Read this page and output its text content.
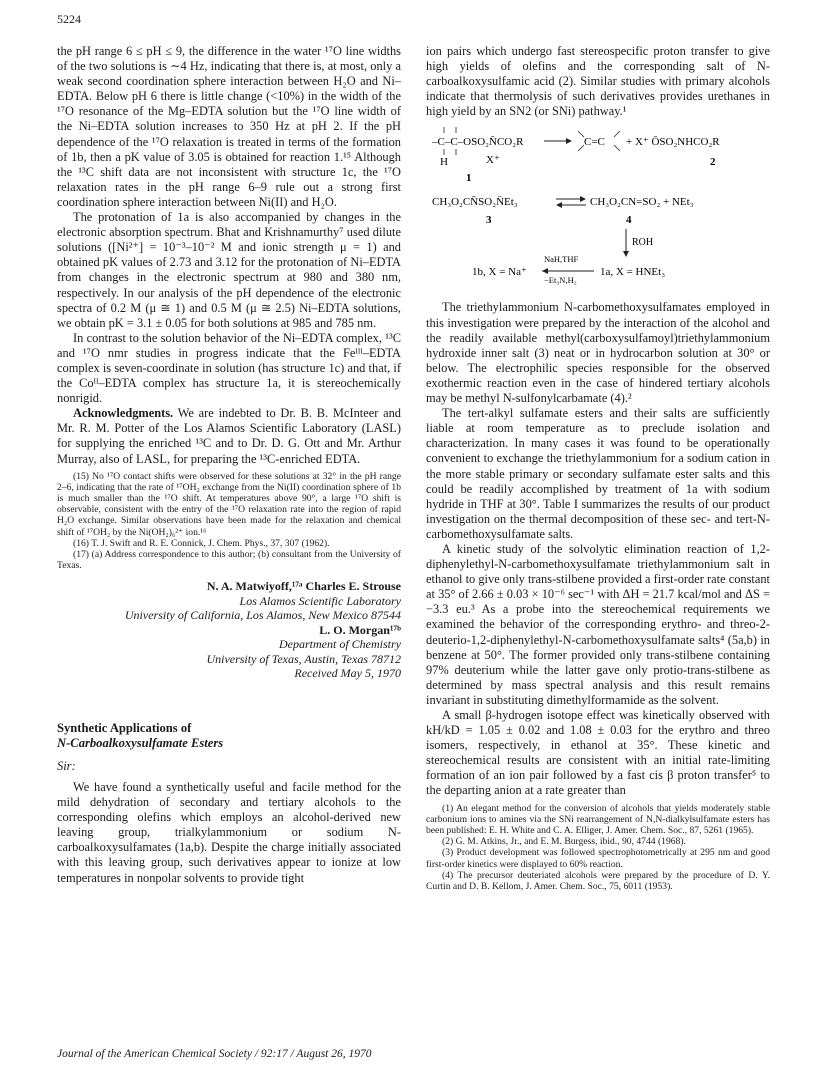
5224

the pH range 6 ≤ pH ≤ 9, the difference in the water ¹⁷O line widths of the two solutions is ∼4 Hz, indicating that there is, at most, only a weak second coordination sphere interaction between H₂O and Ni–EDTA. Below pH 6 there is little change (<10%) in the width of the ¹⁷O resonance of the Mg–EDTA solution but the ¹⁷O line width of the Ni–EDTA solution increases to 350 Hz at pH 2. If the pH dependence of the ¹⁷O relaxation is treated in terms of the formation of 1b, then a pK value of 3.05 is obtained for reaction 1.¹⁵ Although the ¹³C shift data are not inconsistent with structure 1c, the ¹⁷O relaxation rates in the pH range 6–9 rule out a strong first coordination sphere interaction between Ni(II) and H₂O.

The protonation of 1a is also accompanied by changes in the electronic absorption spectrum. Bhat and Krishnamurthy⁷ used dilute solutions ([Ni²⁺] = 10⁻³–10⁻² M and ionic strength μ = 1) and obtained pK values of 2.73 and 3.12 for the protonation of Ni–EDTA from changes in the electronic spectrum at 980 and 380 nm, respectively. In our analysis of the pH dependence of the electronic spectra of 0.2 M (μ ≅ 1) and 0.5 M (μ ≅ 2.5) Ni–EDTA solutions, we obtain pK = 3.1 ± 0.05 for both solutions at 985 and 785 nm.

In contrast to the solution behavior of the Ni–EDTA complex, ¹³C and ¹⁷O nmr studies in progress indicate that the Feᴵᴵᴵ–EDTA complex is seven-coordinate in solution (has structure 1c) and that, if the Coᴵᴵ–EDTA complex has structure 1a, it is stereochemically nonrigid.

Acknowledgments. We are indebted to Dr. B. B. McInteer and Mr. R. M. Potter of the Los Alamos Scientific Laboratory (LASL) for supplying the enriched ¹³C and to Dr. D. G. Ott and Mr. Arthur Murray, also of LASL, for preparing the ¹³C-enriched EDTA.

(15) No ¹⁷O contact shifts were observed for these solutions at 32° in the pH range 2–6, indicating that the rate of ¹⁷OH₂ exchange from the Ni(II) coordination sphere of 1b is much smaller than the ¹⁷O shift. At temperatures above 90°, a large ¹⁷O shift is observable, consistent with the entry of the ¹⁷O relaxation rate into the region of rapid H₂O exchange. Similar observations have been made for the relaxation and chemical shift of ¹⁷OH₂ by the Ni(OH₂)₆²⁺ ion.¹⁶

(16) T. J. Swift and R. E. Connick, J. Chem. Phys., 37, 307 (1962).

(17) (a) Address correspondence to this author; (b) consultant from the University of Texas.

N. A. Matwiyoff,¹⁷ᵃ Charles E. Strouse

Los Alamos Scientific Laboratory

University of California, Los Alamos, New Mexico 87544

L. O. Morgan¹⁷ᵇ

Department of Chemistry

University of Texas, Austin, Texas 78712

Received May 5, 1970

Synthetic Applications of
N-Carboalkoxysulfamate Esters
Sir:

We have found a synthetically useful and facile method for the mild dehydration of secondary and tertiary alcohols to the corresponding olefins which employs an alcohol-derived new leaving group, trialkylammonium or sodium N-carboalkoxysulfamates (1a,b). Despite the charge initially associated with this leaving group, such derivatives appear to ionize at low temperatures in nonpolar solvents to provide tight

ion pairs which undergo fast stereospecific proton transfer to give high yields of olefins and the corresponding salt of N-carboalkoxysulfamic acid (2). Similar studies with primary alcohols indicate that thermolysis of such derivatives provides urethanes in high yield by an SN2 (or SNi) pathway.¹

–C–C–OSO₂N̄CO₂R
H	X⁺
1
C=C + X⁺ ŌSO₂NHCO₂R
2
CH₃O₂CN̄SO₂N̄Et₃	CH₃O₂CN=SO₂ + NEt₃
3	4
ROH
1b, X = Na⁺
NaH,THF
−Et₃N,H₂
1a, X = HNEt₃

The triethylammonium N-carbomethoxysulfamates employed in this investigation were prepared by the interaction of the alcohol and the readily available methyl(carboxysulfamoyl)triethylammonium hydroxide inner salt (3) neat or in hydrocarbon solution at 30° or below. The electrophilic species responsible for the observed exothermic reaction even in the case of hindered tertiary alcohols may be methyl N-sulfonylcarbamate (4).²

The tert-alkyl sulfamate esters and their salts are sufficiently liable at room temperature as to preclude isolation and characterization. In many cases it was found to be operationally convenient to exchange the triethylammonium for a sodium cation in the more stable primary or secondary sulfamate ester salts and this could be readily accomplished by treatment of 1a with sodium hydride in THF at 30°. Table I summarizes the results of our product investigation on the thermal decomposition of these sec- and tert-N-carbomethoxysulfamate salts.

A kinetic study of the solvolytic elimination reaction of 1,2-diphenylethyl-N-carbomethoxysulfamate triethylammonium salt in ethanol to give only trans-stilbene provided a first-order rate constant at 35° of 2.66 ± 0.03 × 10⁻⁶ sec⁻¹ with ΔH = 21.7 kcal/mol and ΔS = −3.3 eu.³ As a probe into the stereochemical requirements we examined the behavior of the corresponding erythro- and threo-2-deuterio-1,2-diphenylethyl-N-carbomethoxysulfamate salts⁴ (5a,b) in benzene at 50°. The former provided only trans-stilbene containing 97% deuterium while the latter gave only protio-trans-stilbene as determined by mass spectral analysis and this result remains invariant in substituting dimethylformamide as the solvent.

A small β-hydrogen isotope effect was kinetically observed with kH/kD = 1.05 ± 0.02 and 1.08 ± 0.03 for the erythro and threo isomers, respectively, in ethanol at 35°. These kinetic and stereochemical results are consistent with an initial rate-limiting formation of an ion pair followed by a fast cis β proton transfer⁵ to the departing anion at a rate greater than

(1) An elegant method for the conversion of alcohols that yields moderately stable carbonium ions to amines via the SNi rearrangement of N,N-dialkylsulfamate esters has been published: E. H. White and C. A. Elliger, J. Amer. Chem. Soc., 87, 5261 (1965).

(2) G. M. Atkins, Jr., and E. M. Burgess, ibid., 90, 4744 (1968).

(3) Product development was followed spectrophotometrically at 295 nm and good first-order kinetics were displayed to 60% reaction.

(4) The precursor deuteriated alcohols were prepared by the procedure of D. Y. Curtin and D. B. Kellom, J. Amer. Chem. Soc., 75, 6011 (1953).

Journal of the American Chemical Society / 92:17 / August 26, 1970
